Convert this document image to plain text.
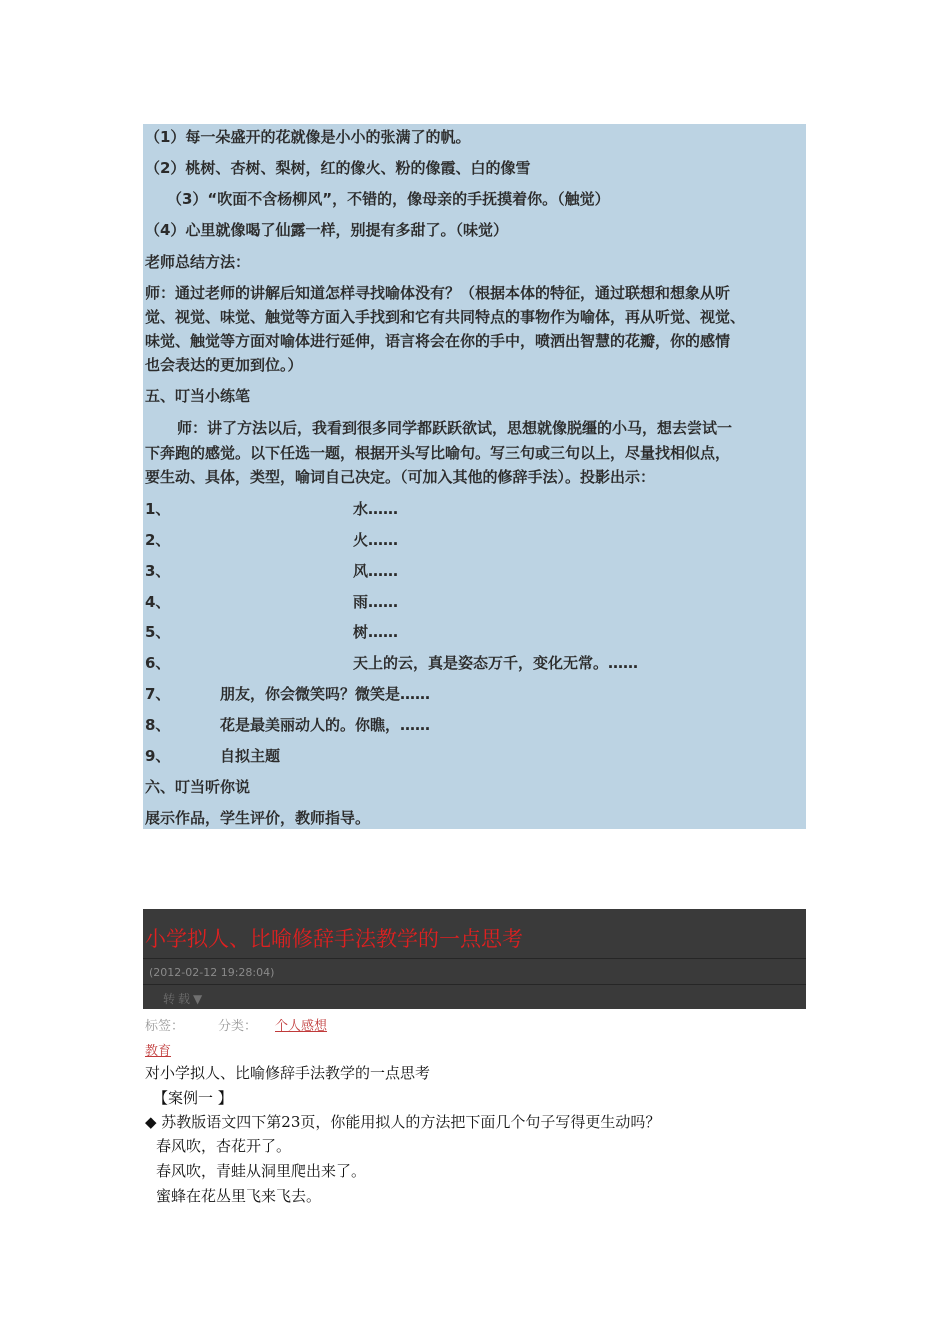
（1）每一朵盛开的花就像是小小的张满了的帆。
（2）桃树、杏树、梨树，红的像火、粉的像霞、白的像雪
（3）“吹面不含杨柳风”，不错的，像母亲的手抚摸着你。（触觉）
（4）心里就像喝了仙露一样，别提有多甜了。（味觉）
老师总结方法：
师：通过老师的讲解后知道怎样寻找喻体没有？（根据本体的特征，通过联想和想象从听
觉、视觉、味觉、触觉等方面入手找到和它有共同特点的事物作为喻体，再从听觉、视觉、
味觉、触觉等方面对喻体进行延伸，语言将会在你的手中，喷洒出智慧的花瓣，你的感情
也会表达的更加到位。）
五、叮当小练笔
师：讲了方法以后，我看到很多同学都跃跃欲试，思想就像脱缰的小马，想去尝试一
下奔跑的感觉。以下任选一题，根据开头写比喻句。写三句或三句以上，尽量找相似点，
要生动、具体，类型，喻词自己决定。（可加入其他的修辞手法）。投影出示：
1、	水……
2、	火……
3、	风……
4、	雨……
5、	树……
6、	天上的云，真是姿态万千，变化无常。……
7、	朋友，你会微笑吗？微笑是……
8、	花是最美丽动人的。你瞧，……
9、	自拟主题
六、叮当听你说
展示作品，学生评价，教师指导。
小学拟人、比喻修辞手法教学的一点思考
(2012-02-12 19:28:04)
转载▼
标签：	分类： 个人感想
教育
对小学拟人、比喻修辞手法教学的一点思考
【案例一 】
◆ 苏教版语文四下第23页，你能用拟人的方法把下面几个句子写得更生动吗？
春风吹，杏花开了。
春风吹，青蛙从洞里爬出来了。
蜜蜂在花丛里飞来飞去。
